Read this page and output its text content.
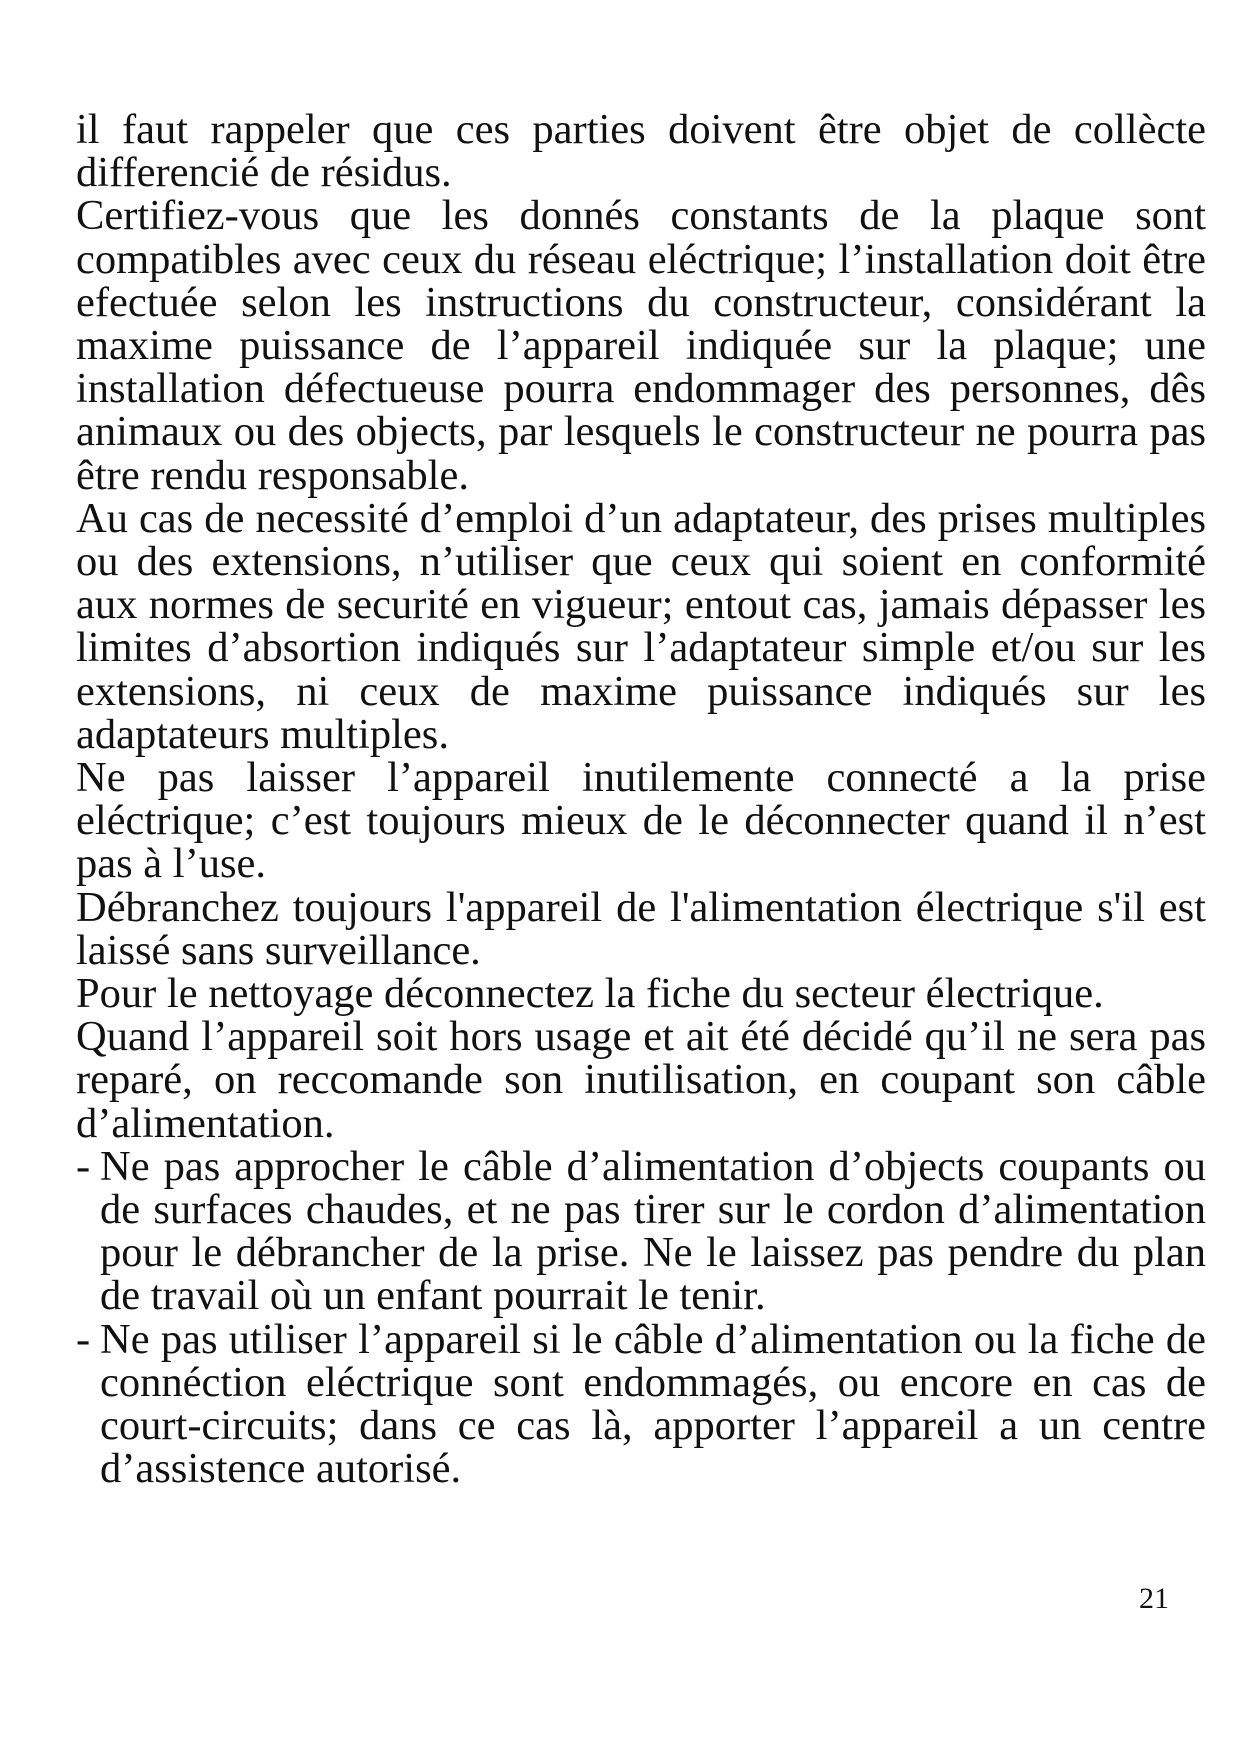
il faut rappeler que ces parties doivent être objet de collècte differencié de résidus.

Certifiez-vous que les donnés constants de la plaque sont compatibles avec ceux du réseau eléctrique; l’installation doit être efectuée selon les instructions du constructeur, considérant la maxime puissance de l’appareil indiquée sur la plaque; une installation défectueuse pourra endommager des personnes, dês animaux ou des objects, par lesquels le constructeur ne pourra pas être rendu responsable.

Au cas de necessité d’emploi d’un adaptateur, des prises multiples ou des extensions, n’utiliser que ceux qui soient en conformité aux normes de securité en vigueur; entout cas, jamais dépasser les limites d’absortion indiqués sur l’adaptateur simple et/ou sur les extensions, ni ceux de maxime puissance indiqués sur les adaptateurs multiples.

Ne pas laisser l’appareil inutilemente connecté a la prise eléctrique; c’est toujours mieux de le déconnecter quand il n’est pas à l’use.

Débranchez toujours l'appareil de l'alimentation électrique s'il est laissé sans surveillance.

Pour le nettoyage déconnectez la fiche du secteur électrique.

Quand l’appareil soit hors usage et ait été décidé qu’il ne sera pas reparé, on reccomande son inutilisation, en coupant son câble d’alimentation.

- Ne pas approcher le câble d’alimentation d’objects coupants ou de surfaces chaudes, et ne pas tirer sur le cordon d’alimentation pour le débrancher de la prise. Ne le laissez pas pendre du plan de travail où un enfant pourrait le tenir.
- Ne pas utiliser l’appareil si le câble d’alimentation ou la fiche de connéction eléctrique sont endommagés, ou encore en cas de court-circuits; dans ce cas là, apporter l’appareil a un centre d’assistence autorisé.
21
